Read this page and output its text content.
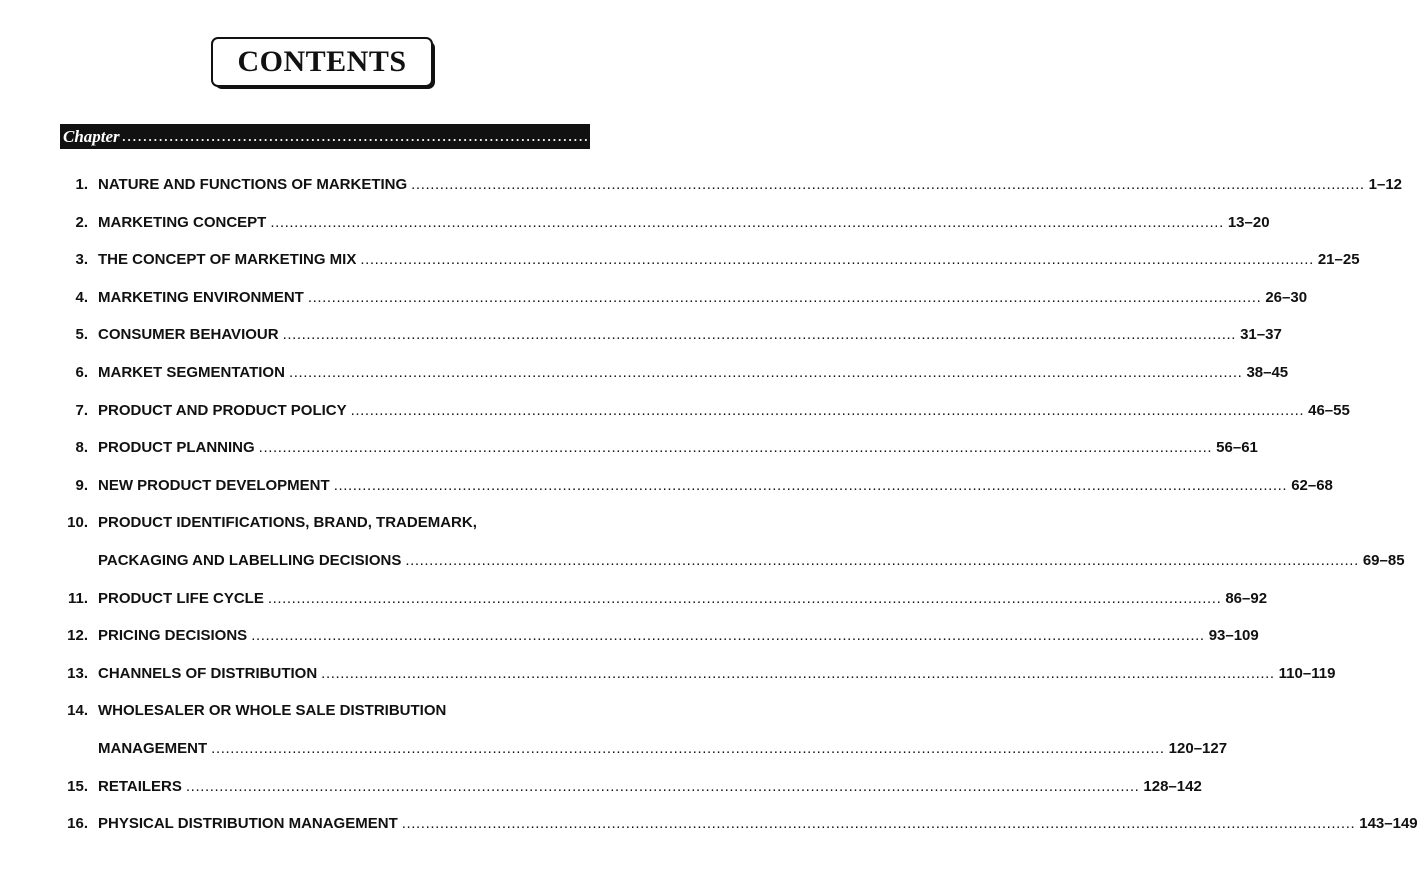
CONTENTS
Chapter .................................................................................................................................... Page No.
1. NATURE AND FUNCTIONS OF MARKETING ........................................................................................................................................................................................................ 1–12
2. MARKETING CONCEPT ........................................................................................................................................................................................................ 13–20
3. THE CONCEPT OF MARKETING MIX ........................................................................................................................................................................................................ 21–25
4. MARKETING ENVIRONMENT ........................................................................................................................................................................................................ 26–30
5. CONSUMER BEHAVIOUR ........................................................................................................................................................................................................ 31–37
6. MARKET SEGMENTATION ........................................................................................................................................................................................................ 38–45
7. PRODUCT AND PRODUCT POLICY ........................................................................................................................................................................................................ 46–55
8. PRODUCT PLANNING ........................................................................................................................................................................................................ 56–61
9. NEW PRODUCT DEVELOPMENT ........................................................................................................................................................................................................ 62–68
10. PRODUCT IDENTIFICATIONS, BRAND, TRADEMARK,
PACKAGING AND LABELLING DECISIONS ........................................................................................................................................................................................................ 69–85
11. PRODUCT LIFE CYCLE ........................................................................................................................................................................................................ 86–92
12. PRICING DECISIONS ........................................................................................................................................................................................................ 93–109
13. CHANNELS OF DISTRIBUTION ........................................................................................................................................................................................................ 110–119
14. WHOLESALER OR WHOLE SALE DISTRIBUTION
MANAGEMENT ........................................................................................................................................................................................................ 120–127
15. RETAILERS ........................................................................................................................................................................................................ 128–142
16. PHYSICAL DISTRIBUTION MANAGEMENT ........................................................................................................................................................................................................ 143–149
